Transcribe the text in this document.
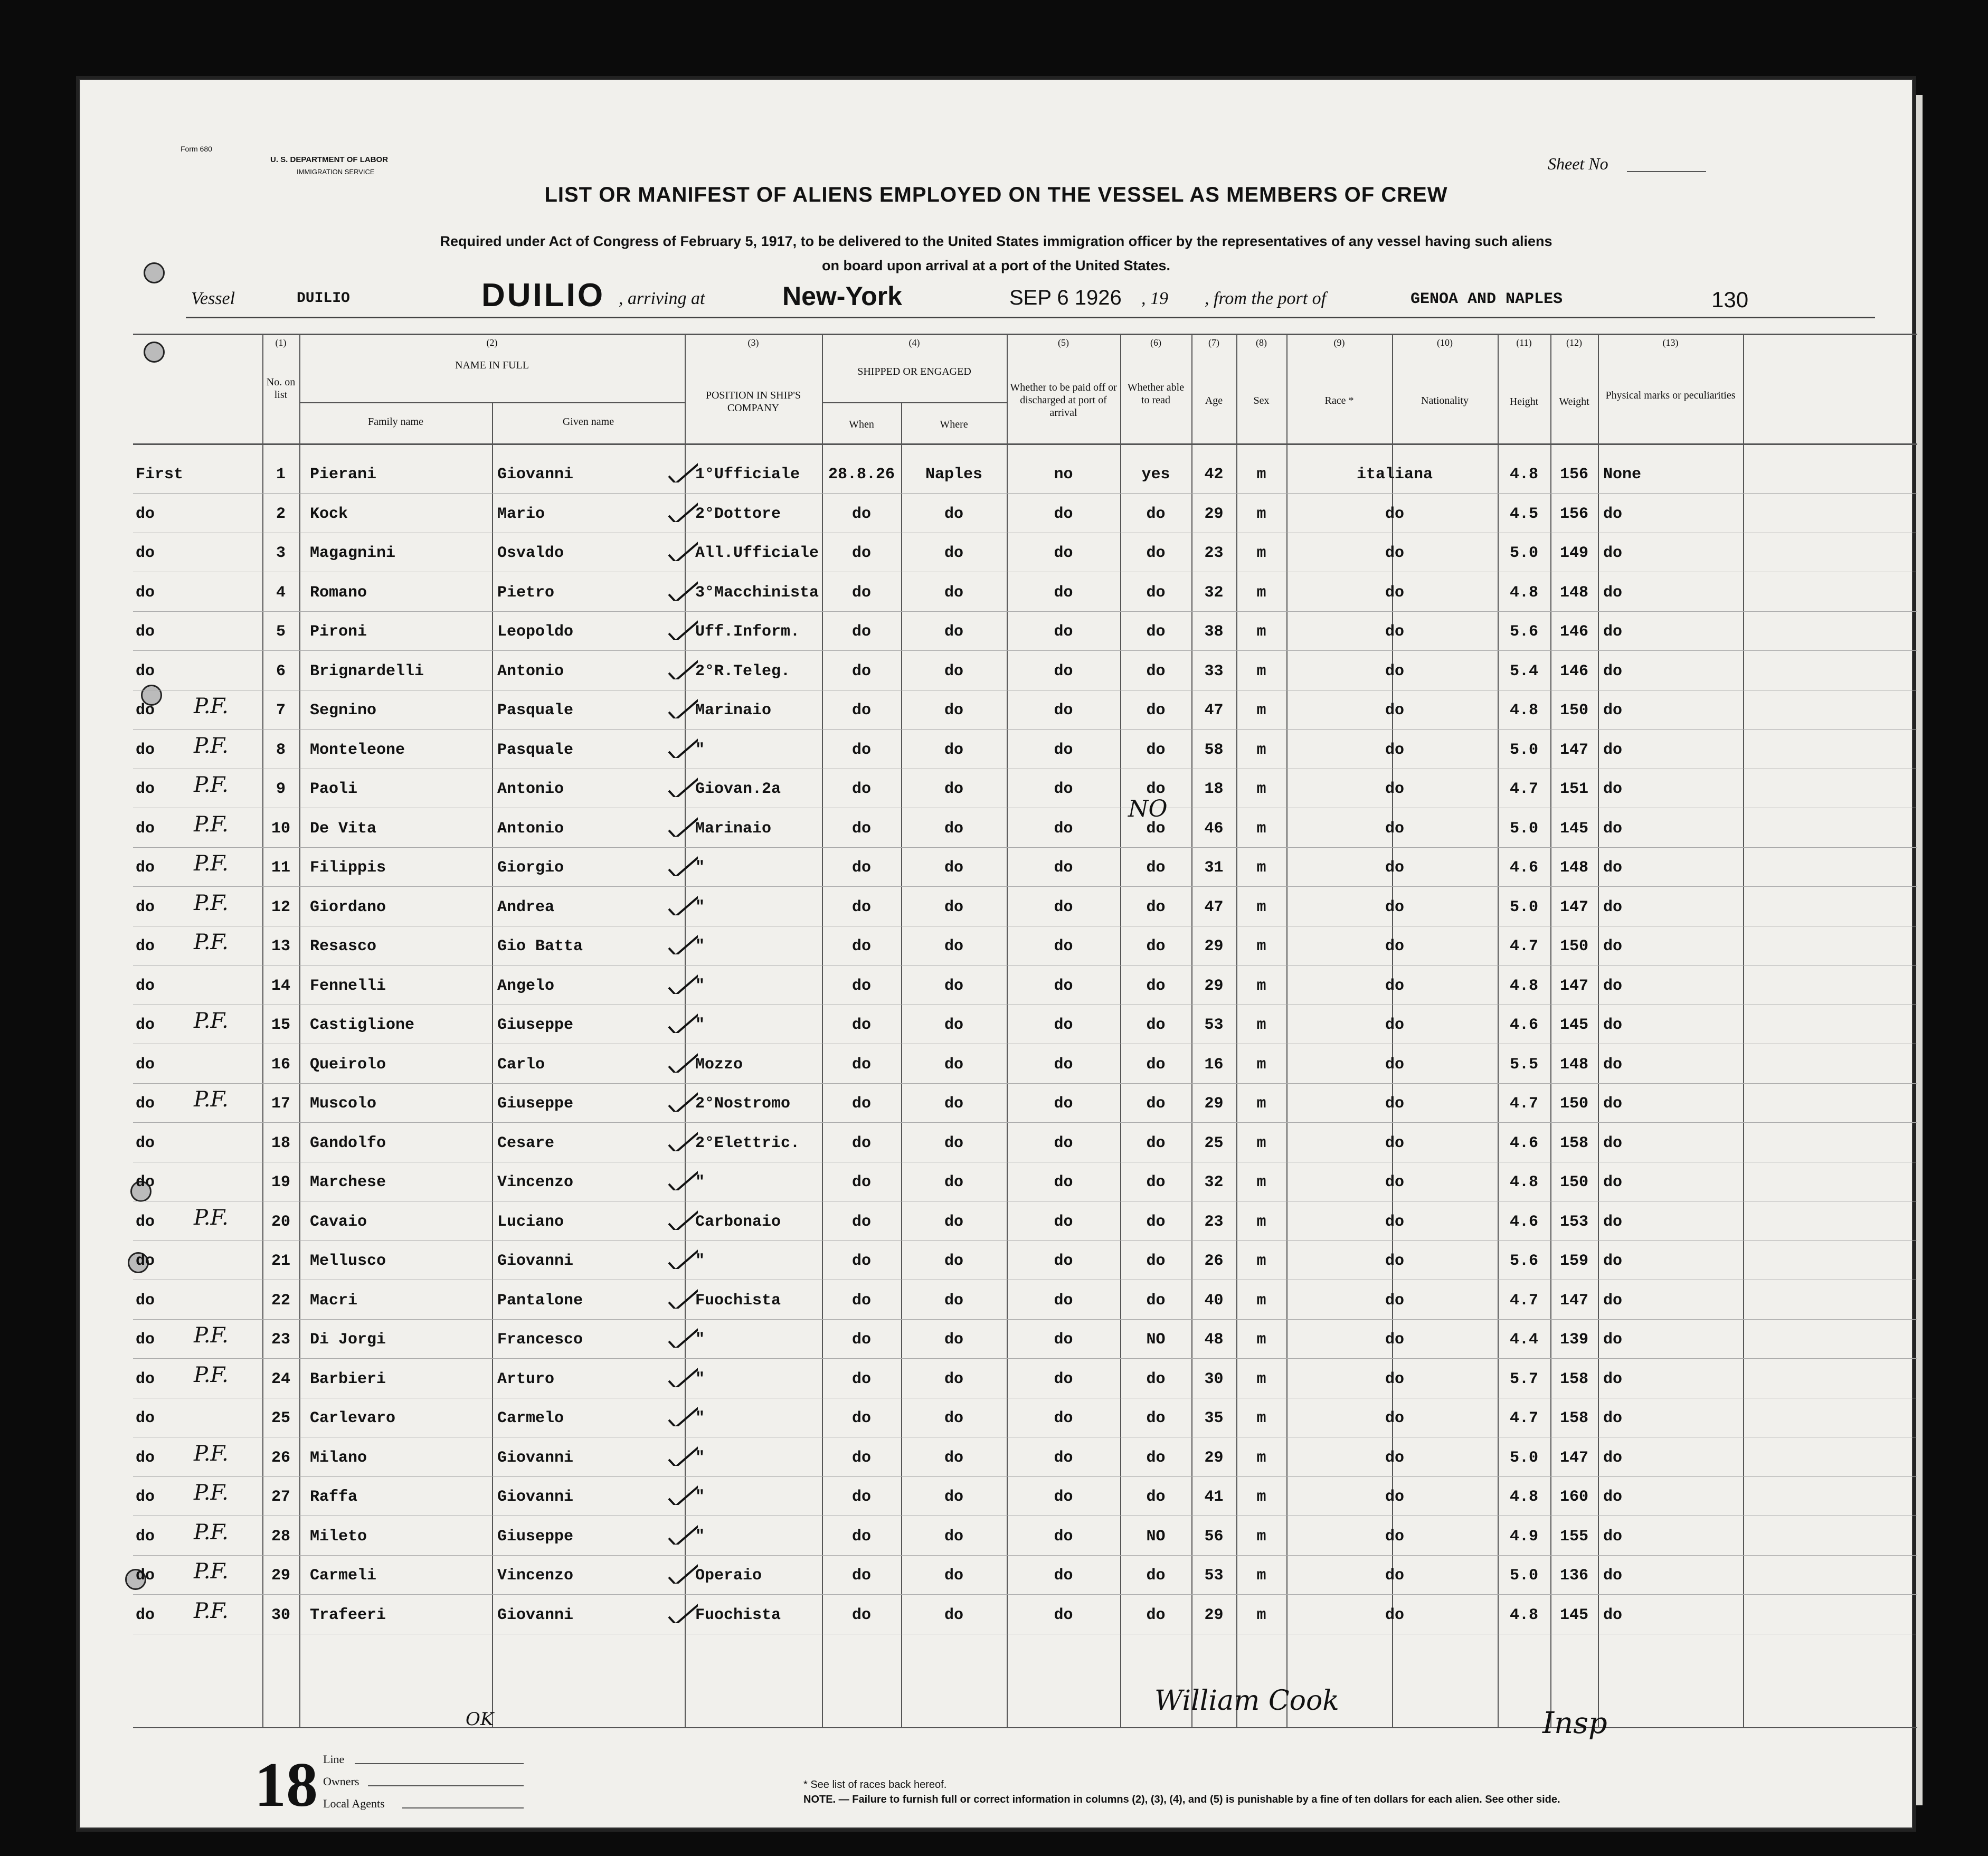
Form 680
U. S. DEPARTMENT OF LABOR
IMMIGRATION SERVICE	Sheet No
LIST OR MANIFEST OF ALIENS EMPLOYED ON THE VESSEL AS MEMBERS OF CREW
Required under Act of Congress of February 5, 1917, to be delivered to the United States immigration officer by the representatives of any vessel having such aliens
on board upon arrival at a port of the United States.
Vessel	DUILIO	DUILIO , arriving at	New-York	SEP 6 1926 , 19 , from the port of	GENOA AND NAPLES	130
(1)
No. on list
(2)
NAME IN FULL
Family name	Given name
(3)
POSITION IN SHIP'S COMPANY
(4)
SHIPPED OR ENGAGED
When	Where
(5)
Whether to be paid off or discharged at port of arrival
(6)
Whether able to read
(7)
Age
(8)
Sex
(9)
Race *
(10)
Nationality
(11)
Height
(12)
Weight
(13)
Physical marks or peculiarities
First	1	Pierani	Giovanni	1°Ufficiale	28.8.26	Naples	no	yes	42	m	italiana	4.8	156 None
do	2	Kock	Mario	2°Dottore	do	do	do	do	29	m	do	4.5	156 do
do	3	Magagnini	Osvaldo	All.Ufficiale	do	do	do	do	23	m	do	5.0	149 do
do	4	Romano	Pietro	3°Macchinista	do	do	do	do	32	m	do	4.8	148 do
do	5	Pironi	Leopoldo	Uff.Inform.	do	do	do	do	38	m	do	5.6	146 do
do	6	Brignardelli	Antonio	2°R.Teleg.	do	do	do	do	33	m	do	5.4	146 do
do	7	Segnino	Pasquale	Marinaio	do	do	do	do	47	m	do	4.8	150 do
P.F.
do	8	Monteleone	Pasquale	"	do	do	do	do	58	m	do	5.0	147 do
P.F.
do	9	Paoli	Antonio	Giovan.2a	do	do	do	do	18	m	do	4.7	151 do
P.F.
do	10	De Vita	Antonio	Marinaio	do	do	do	do	46	m	do	5.0	145 do
P.F.
do	11	Filippis	Giorgio	"	do	do	do	do	31	m	do	4.6	148 do
P.F.
do	12	Giordano	Andrea	"	do	do	do	do	47	m	do	5.0	147 do
P.F.
do	13	Resasco	Gio Batta	"	do	do	do	do	29	m	do	4.7	150 do
P.F.
do	14	Fennelli	Angelo	"	do	do	do	do	29	m	do	4.8	147 do
do	15	Castiglione	Giuseppe	"	do	do	do	do	53	m	do	4.6	145 do
P.F.
do	16	Queirolo	Carlo	Mozzo	do	do	do	do	16	m	do	5.5	148 do
do	17	Muscolo	Giuseppe	2°Nostromo	do	do	do	do	29	m	do	4.7	150 do
P.F.
do	18	Gandolfo	Cesare	2°Elettric.	do	do	do	do	25	m	do	4.6	158 do
do	19	Marchese	Vincenzo	"	do	do	do	do	32	m	do	4.8	150 do
do	20	Cavaio	Luciano	Carbonaio	do	do	do	do	23	m	do	4.6	153 do
P.F.
do	21	Mellusco	Giovanni	"	do	do	do	do	26	m	do	5.6	159 do
do	22	Macri	Pantalone	Fuochista	do	do	do	do	40	m	do	4.7	147 do
do	23	Di Jorgi	Francesco	"	do	do	do	NO	48	m	do	4.4	139 do
P.F.
do	24	Barbieri	Arturo	"	do	do	do	do	30	m	do	5.7	158 do
P.F.
do	25	Carlevaro	Carmelo	"	do	do	do	do	35	m	do	4.7	158 do
do	26	Milano	Giovanni	"	do	do	do	do	29	m	do	5.0	147 do
P.F.
do	27	Raffa	Giovanni	"	do	do	do	do	41	m	do	4.8	160 do
P.F.
do	28	Mileto	Giuseppe	"	do	do	do	NO	56	m	do	4.9	155 do
P.F.
do	29	Carmeli	Vincenzo	Operaio	do	do	do	do	53	m	do	5.0	136 do
P.F.
do	30	Trafeeri	Giovanni	Fuochista	do	do	do	do	29	m	do	4.8	145 do
P.F.
OK
NO
William Cook
Insp
18 Line
Owners
Local Agents
* See list of races back hereof.
NOTE. — Failure to furnish full or correct information in columns (2), (3), (4), and (5) is punishable by a fine of ten dollars for each alien. See other side.
